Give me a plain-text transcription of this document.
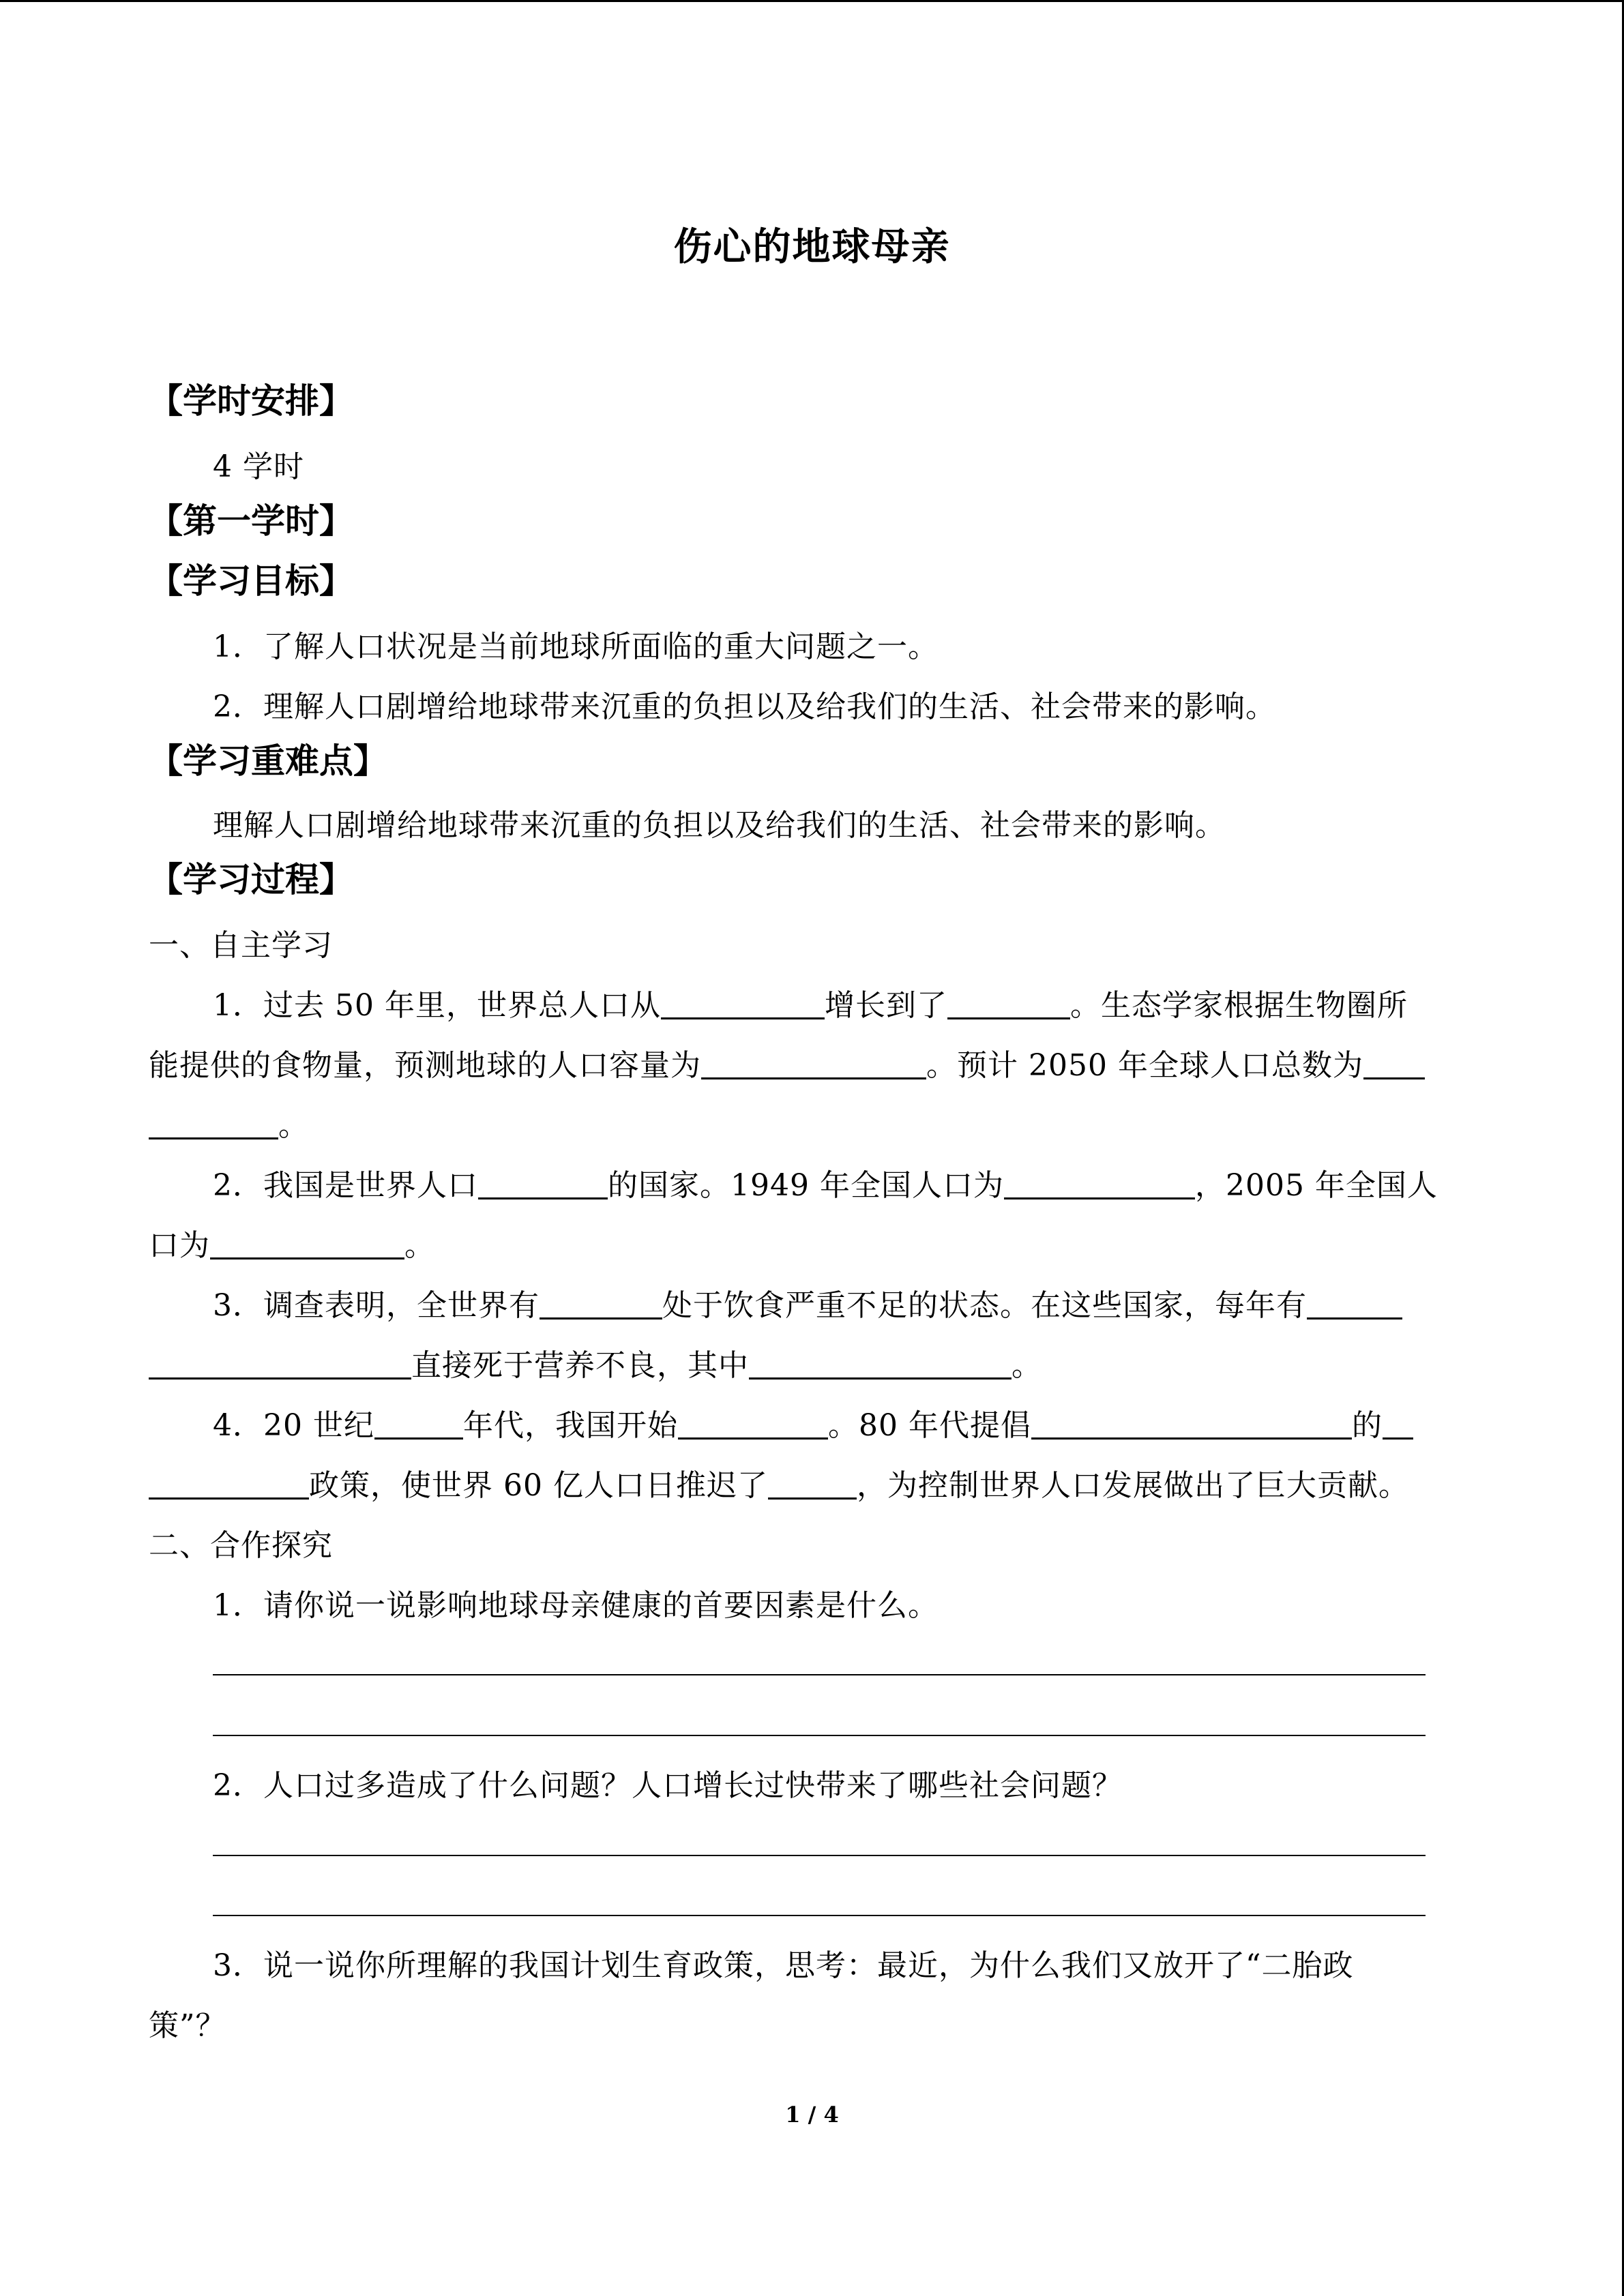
伤心的地球母亲
【学时安排】
4 学时
【第一学时】
【学习目标】
1．了解人口状况是当前地球所面临的重大问题之一。
2．理解人口剧增给地球带来沉重的负担以及给我们的生活、社会带来的影响。
【学习重难点】
理解人口剧增给地球带来沉重的负担以及给我们的生活、社会带来的影响。
【学习过程】
一、自主学习
1．过去 50 年里，世界总人口从	增长到了	。生态学家根据生物圈所
能提供的食物量，预测地球的人口容量为	。预计 2050 年全球人口总数为
。
2．我国是世界人口	的国家。1949 年全国人口为	，2005 年全国人
口为	。
3．调查表明，全世界有	处于饮食严重不足的状态。在这些国家，每年有
直接死于营养不良，其中	。
4．20 世纪	年代，我国开始	。80 年代提倡	的
政策，使世界 60 亿人口日推迟了	，为控制世界人口发展做出了巨大贡献。
二、合作探究
1．请你说一说影响地球母亲健康的首要因素是什么。
2．人口过多造成了什么问题？人口增长过快带来了哪些社会问题？
3．说一说你所理解的我国计划生育政策，思考：最近，为什么我们又放开了“二胎政
策”？
1 / 4
